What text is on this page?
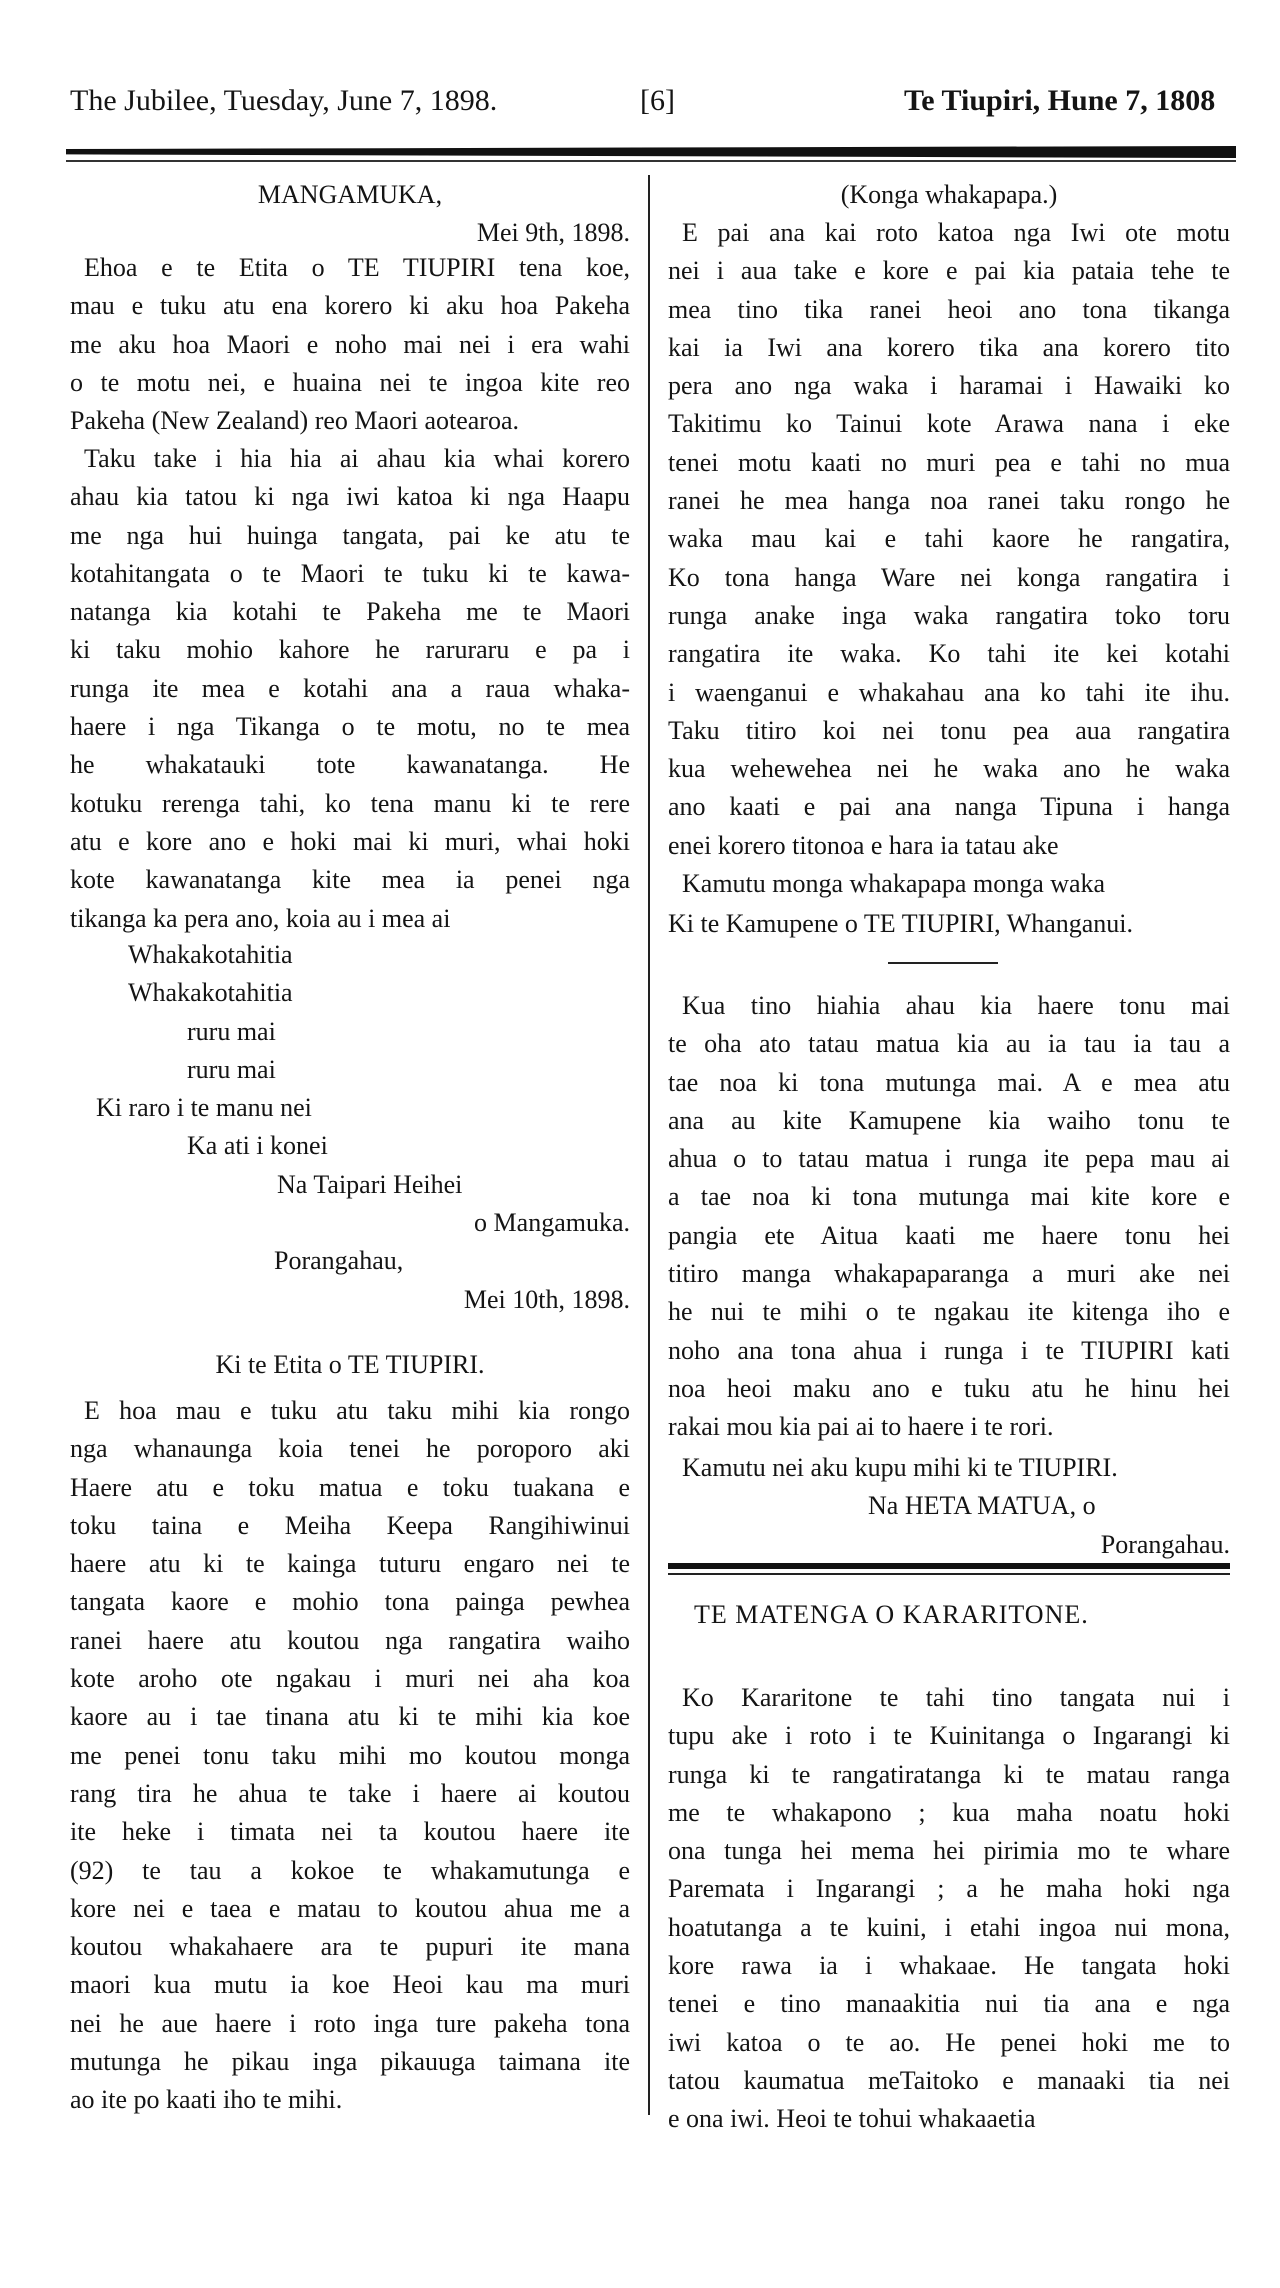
The Jubilee, Tuesday, June 7, 1898.	[6]	Te Tiupiri, Hune 7, 1808
MANGAMUKA,
Mei 9th, 1898.
Ehoa e te Etita o TE TIUPIRI tena koe,
mau e tuku atu ena korero ki aku hoa Pakeha
me aku hoa Maori e noho mai nei i era wahi
o te motu nei, e huaina nei te ingoa kite reo
Pakeha (New Zealand) reo Maori aotearoa.
Taku take i hia hia ai ahau kia whai korero
ahau kia tatou ki nga iwi katoa ki nga Haapu
me nga hui huinga tangata, pai ke atu te
kotahitangata o te Maori te tuku ki te kawa-
natanga kia kotahi te Pakeha me te Maori
ki taku mohio kahore he raruraru e pa i
runga ite mea e kotahi ana a raua whaka-
haere i nga Tikanga o te motu, no te mea
he whakatauki tote kawanatanga. He
kotuku rerenga tahi, ko tena manu ki te rere
atu e kore ano e hoki mai ki muri, whai hoki
kote kawanatanga kite mea ia penei nga
tikanga ka pera ano, koia au i mea ai
Whakakotahitia
Whakakotahitia
ruru mai
ruru mai
Ki raro i te manu nei
Ka ati i konei
Na Taipari Heihei
o Mangamuka.
Porangahau,
Mei 10th, 1898.
Ki te Etita o TE TIUPIRI.
E hoa mau e tuku atu taku mihi kia rongo
nga whanaunga koia tenei he poroporo aki
Haere atu e toku matua e toku tuakana e
toku taina e Meiha Keepa Rangihiwinui
haere atu ki te kainga tuturu engaro nei te
tangata kaore e mohio tona painga pewhea
ranei haere atu koutou nga rangatira waiho
kote aroho ote ngakau i muri nei aha koa
kaore au i tae tinana atu ki te mihi kia koe
me penei tonu taku mihi mo koutou monga
rang tira he ahua te take i haere ai koutou
ite heke i timata nei ta koutou haere ite
(92) te tau a kokoe te whakamutunga e
kore nei e taea e matau to koutou ahua me a
koutou whakahaere ara te pupuri ite mana
maori kua mutu ia koe Heoi kau ma muri
nei he aue haere i roto inga ture pakeha tona
mutunga he pikau inga pikauuga taimana ite
ao ite po kaati iho te mihi.
(Konga whakapapa.)
E pai ana kai roto katoa nga Iwi ote motu
nei i aua take e kore e pai kia pataia tehe te
mea tino tika ranei heoi ano tona tikanga
kai ia Iwi ana korero tika ana korero tito
pera ano nga waka i haramai i Hawaiki ko
Takitimu ko Tainui kote Arawa nana i eke
tenei motu kaati no muri pea e tahi no mua
ranei he mea hanga noa ranei taku rongo he
waka mau kai e tahi kaore he rangatira,
Ko tona hanga Ware nei konga rangatira i
runga anake inga waka rangatira toko toru
rangatira ite waka. Ko tahi ite kei kotahi
i waenganui e whakahau ana ko tahi ite ihu.
Taku titiro koi nei tonu pea aua rangatira
kua wehewehea nei he waka ano he waka
ano kaati e pai ana nanga Tipuna i hanga
enei korero titonoa e hara ia tatau ake
Kamutu monga whakapapa monga waka
Ki te Kamupene o TE TIUPIRI, Whanganui.
Kua tino hiahia ahau kia haere tonu mai
te oha ato tatau matua kia au ia tau ia tau a
tae noa ki tona mutunga mai. A e mea atu
ana au kite Kamupene kia waiho tonu te
ahua o to tatau matua i runga ite pepa mau ai
a tae noa ki tona mutunga mai kite kore e
pangia ete Aitua kaati me haere tonu hei
titiro manga whakapaparanga a muri ake nei
he nui te mihi o te ngakau ite kitenga iho e
noho ana tona ahua i runga i te TIUPIRI kati
noa heoi maku ano e tuku atu he hinu hei
rakai mou kia pai ai to haere i te rori.
Kamutu nei aku kupu mihi ki te TIUPIRI.
Na HETA MATUA, o
Porangahau.
TE MATENGA O KARARITONE.
Ko Kararitone te tahi tino tangata nui i
tupu ake i roto i te Kuinitanga o Ingarangi ki
runga ki te rangatiratanga ki te matau ranga
me te whakapono ; kua maha noatu hoki
ona tunga hei mema hei pirimia mo te whare
Paremata i Ingarangi ; a he maha hoki nga
hoatutanga a te kuini, i etahi ingoa nui mona,
kore rawa ia i whakaae. He tangata hoki
tenei e tino manaakitia nui tia ana e nga
iwi katoa o te ao. He penei hoki me to
tatou kaumatua meTaitoko e manaaki tia nei
e ona iwi. Heoi te tohui whakaaetia
